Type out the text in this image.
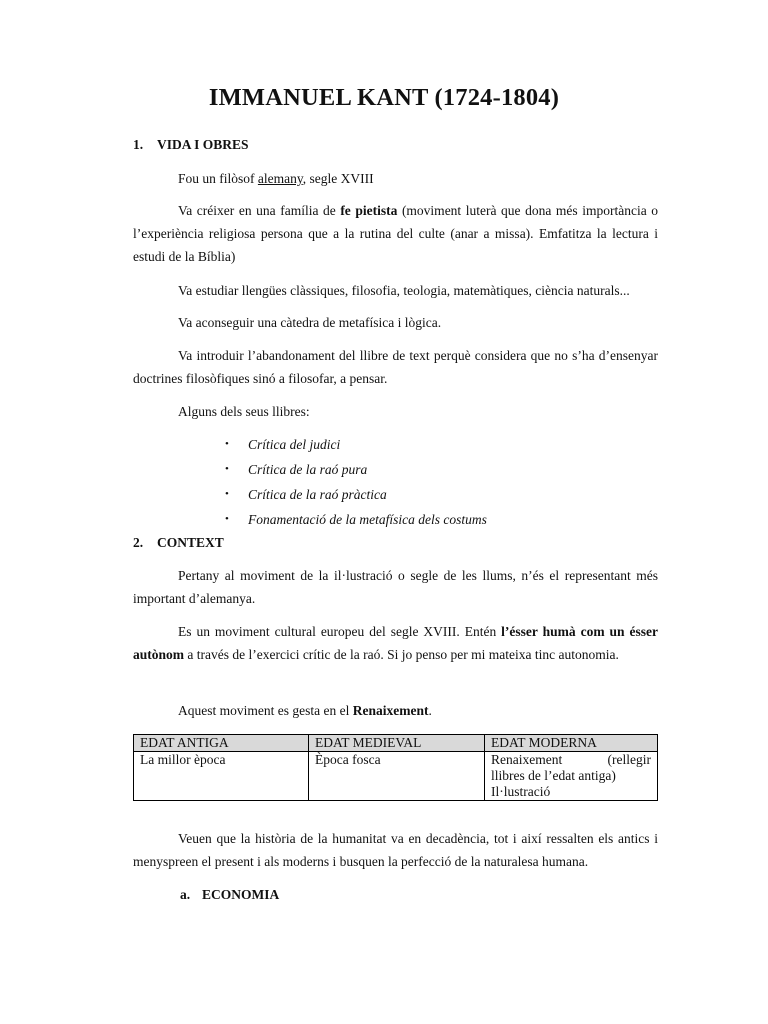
IMMANUEL KANT (1724-1804)
1. VIDA I OBRES
Fou un filòsof alemany, segle XVIII
Va créixer en una família de fe pietista (moviment luterà que dona més importància o l’experiència religiosa persona que a la rutina del culte (anar a missa). Emfatitza la lectura i estudi de la Bíblia)
Va estudiar llengües clàssiques, filosofia, teologia, matemàtiques, ciència naturals...
Va aconseguir una càtedra de metafísica i lògica.
Va introduir l’abandonament del llibre de text perquè considera que no s’ha d’ensenyar doctrines filosòfiques sinó a filosofar, a pensar.
Alguns dels seus llibres:
• Crítica del judici
• Crítica de la raó pura
• Crítica de la raó pràctica
• Fonamentació de la metafísica dels costums
2. CONTEXT
Pertany al moviment de la il·lustració o segle de les llums, n’és el representant més important d’alemanya.
Es un moviment cultural europeu del segle XVIII. Entén l’ésser humà com un ésser autònom a través de l’exercici crític de la raó. Si jo penso per mi mateixa tinc autonomia.
Aquest moviment es gesta en el Renaixement.
EDAT ANTIGA	EDAT MEDIEVAL	EDAT MODERNA
La millor època	Època fosca	Renaixement (rellegir
llibres de l’edat antiga)
Il·lustració
Veuen que la història de la humanitat va en decadència, tot i així ressalten els antics i menyspreen el present i als moderns i busquen la perfecció de la naturalesa humana.
a. ECONOMIA
